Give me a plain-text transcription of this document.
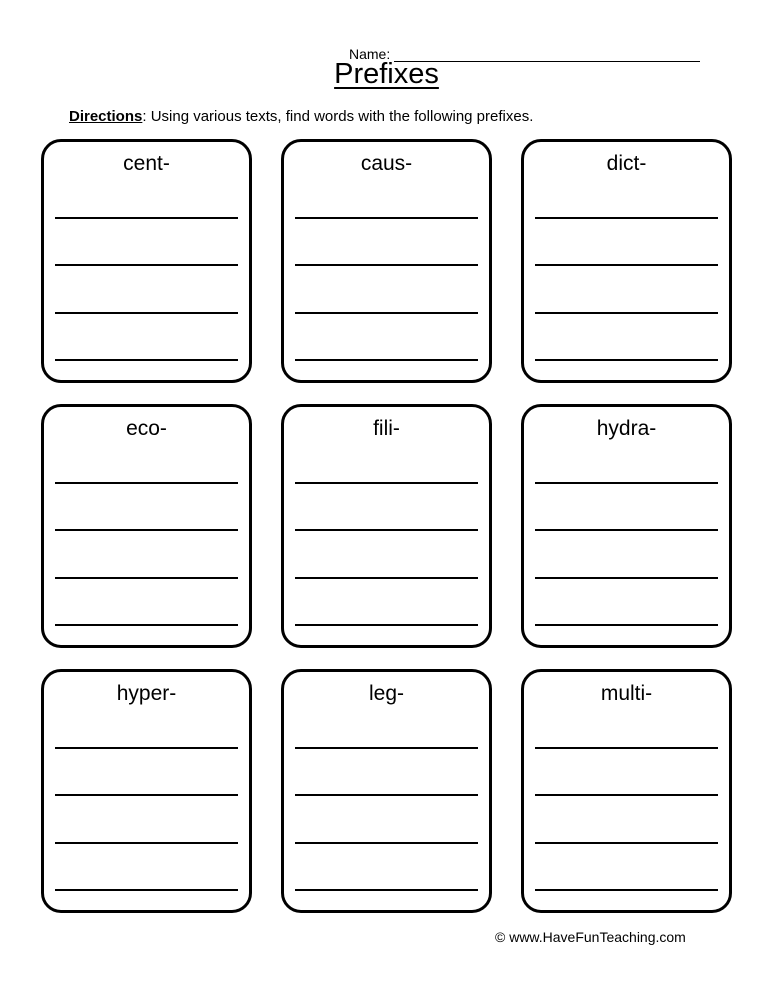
Name:
Prefixes
Directions: Using various texts, find words with the following prefixes.
cent-	caus-	dict-
eco-	fili-	hydra-
hyper-	leg-	multi-
© www.HaveFunTeaching.com
